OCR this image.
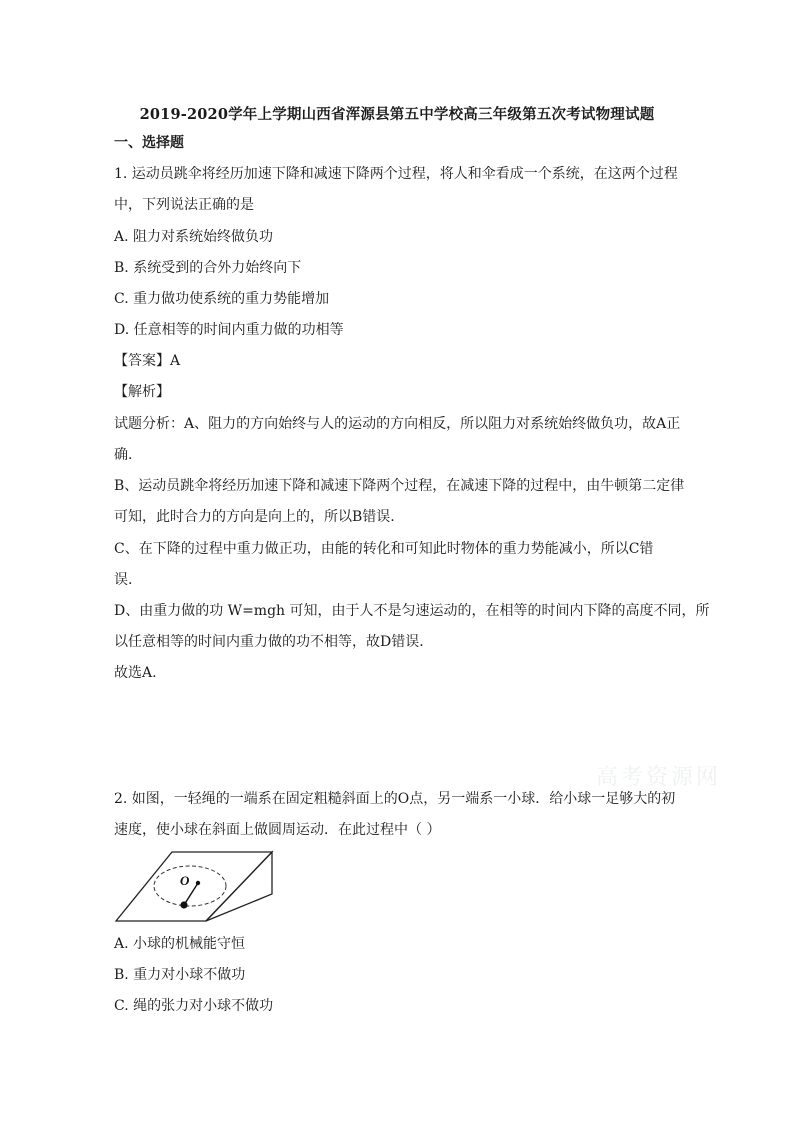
2019-2020学年上学期山西省浑源县第五中学校高三年级第五次考试物理试题
一、选择题
1. 运动员跳伞将经历加速下降和减速下降两个过程，将人和伞看成一个系统，在这两个过程
中，下列说法正确的是
A. 阻力对系统始终做负功
B. 系统受到的合外力始终向下
C. 重力做功使系统的重力势能增加
D. 任意相等的时间内重力做的功相等
【答案】A
【解析】
试题分析：A、阻力的方向始终与人的运动的方向相反，所以阻力对系统始终做负功，故A正
确.
B、运动员跳伞将经历加速下降和减速下降两个过程，在减速下降的过程中，由牛顿第二定律
可知，此时合力的方向是向上的，所以B错误.
C、在下降的过程中重力做正功，由能的转化和可知此时物体的重力势能减小，所以C错
误.
D、由重力做的功 W=mgh 可知，由于人不是匀速运动的，在相等的时间内下降的高度不同，所
以任意相等的时间内重力做的功不相等，故D错误.
故选A.
高考资源网
2. 如图，一轻绳的一端系在固定粗糙斜面上的O点，另一端系一小球．给小球一足够大的初
速度，使小球在斜面上做圆周运动．在此过程中（ ）
O
A. 小球的机械能守恒
B. 重力对小球不做功
C. 绳的张力对小球不做功
